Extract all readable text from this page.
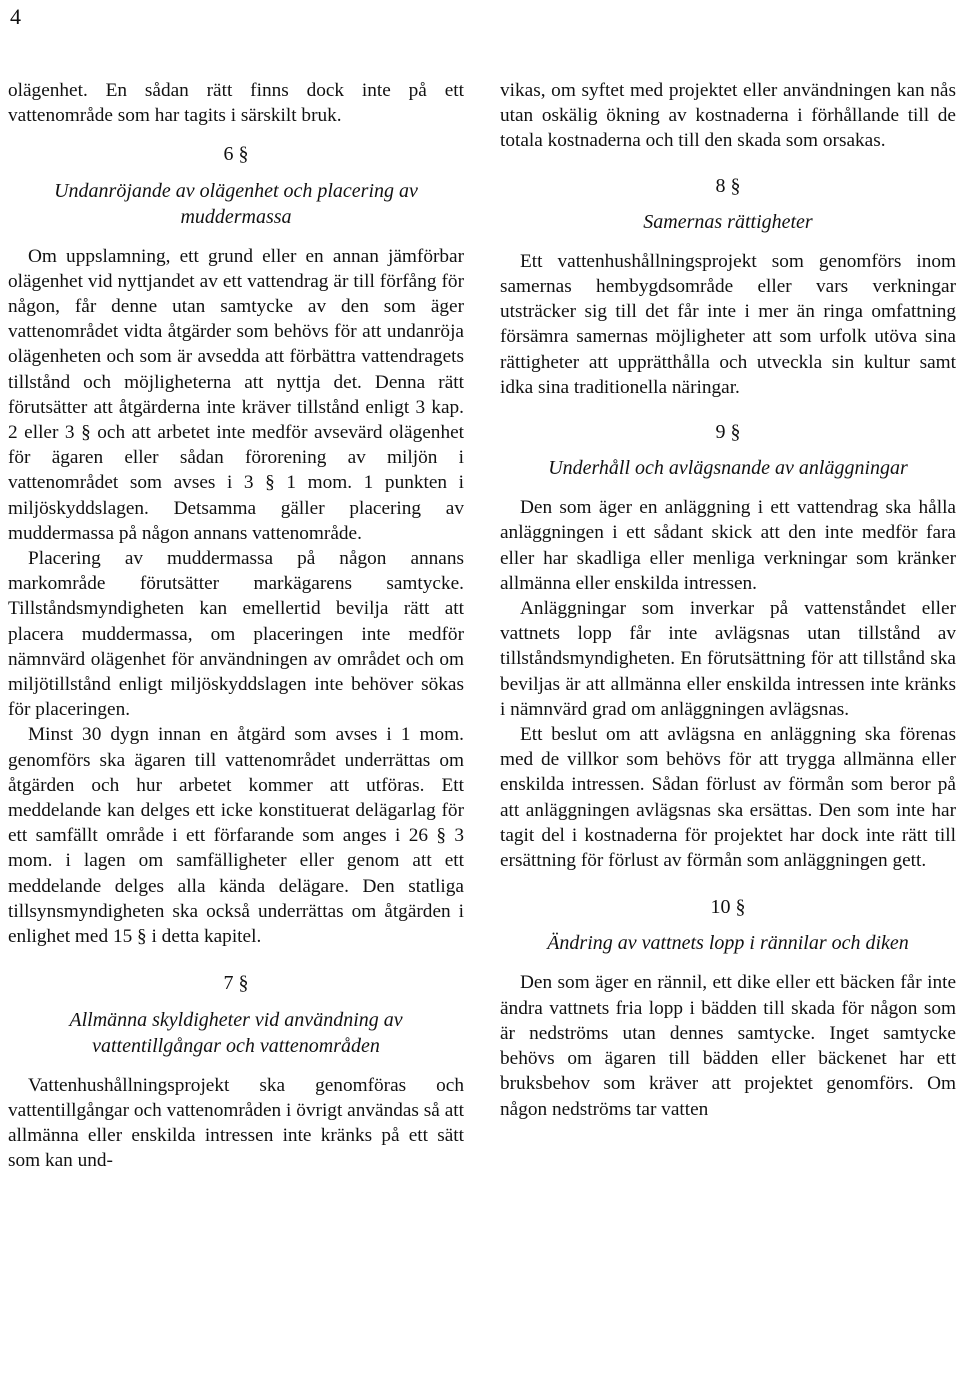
4

olägenhet. En sådan rätt finns dock inte på ett vattenområde som har tagits i särskilt bruk.

6 §
Undanröjande av olägenhet och placering av muddermassa

Om uppslamning, ett grund eller en annan jämförbar olägenhet vid nyttjandet av ett vattendrag är till förfång för någon, får denne utan samtycke av den som äger vattenområdet vidta åtgärder som behövs för att undanröja olägenheten och som är avsedda att förbättra vattendragets tillstånd och möjligheterna att nyttja det. Denna rätt förutsätter att åtgärderna inte kräver tillstånd enligt 3 kap. 2 eller 3 § och att arbetet inte medför avsevärd olägenhet för ägaren eller sådan förorening av miljön i vattenområdet som avses i 3 § 1 mom. 1 punkten i miljöskyddslagen. Detsamma gäller placering av muddermassa på någon annans vattenområde.

Placering av muddermassa på någon annans markområde förutsätter markägarens samtycke. Tillståndsmyndigheten kan emellertid bevilja rätt att placera muddermassa, om placeringen inte medför nämnvärd olägenhet för användningen av området och om miljötillstånd enligt miljöskyddslagen inte behöver sökas för placeringen.

Minst 30 dygn innan en åtgärd som avses i 1 mom. genomförs ska ägaren till vattenområdet underrättas om åtgärden och hur arbetet kommer att utföras. Ett meddelande kan delges ett icke konstituerat delägarlag för ett samfällt område i ett förfarande som anges i 26 § 3 mom. i lagen om samfälligheter eller genom att ett meddelande delges alla kända delägare. Den statliga tillsynsmyndigheten ska också underrättas om åtgärden i enlighet med 15 § i detta kapitel.

7 §
Allmänna skyldigheter vid användning av vattentillgångar och vattenområden

Vattenhushållningsprojekt ska genomföras och vattentillgångar och vattenområden i övrigt användas så att allmänna eller enskilda intressen inte kränks på ett sätt som kan und-

vikas, om syftet med projektet eller användningen kan nås utan oskälig ökning av kostnaderna i förhållande till de totala kostnaderna och till den skada som orsakas.

8 §
Samernas rättigheter

Ett vattenhushållningsprojekt som genomförs inom samernas hembygdsområde eller vars verkningar utsträcker sig till det får inte i mer än ringa omfattning försämra samernas möjligheter att som urfolk utöva sina rättigheter att upprätthålla och utveckla sin kultur samt idka sina traditionella näringar.

9 §
Underhåll och avlägsnande av anläggningar

Den som äger en anläggning i ett vattendrag ska hålla anläggningen i ett sådant skick att den inte medför fara eller har skadliga eller menliga verkningar som kränker allmänna eller enskilda intressen.

Anläggningar som inverkar på vattenståndet eller vattnets lopp får inte avlägsnas utan tillstånd av tillståndsmyndigheten. En förutsättning för att tillstånd ska beviljas är att allmänna eller enskilda intressen inte kränks i nämnvärd grad om anläggningen avlägsnas.

Ett beslut om att avlägsna en anläggning ska förenas med de villkor som behövs för att trygga allmänna eller enskilda intressen. Sådan förlust av förmån som beror på att anläggningen avlägsnas ska ersättas. Den som inte har tagit del i kostnaderna för projektet har dock inte rätt till ersättning för förlust av förmån som anläggningen gett.

10 §
Ändring av vattnets lopp i rännilar och diken

Den som äger en rännil, ett dike eller ett bäcken får inte ändra vattnets fria lopp i bädden till skada för någon som är nedströms utan dennes samtycke. Inget samtycke behövs om ägaren till bädden eller bäckenet har ett bruksbehov som kräver att projektet genomförs. Om någon nedströms tar vatten
